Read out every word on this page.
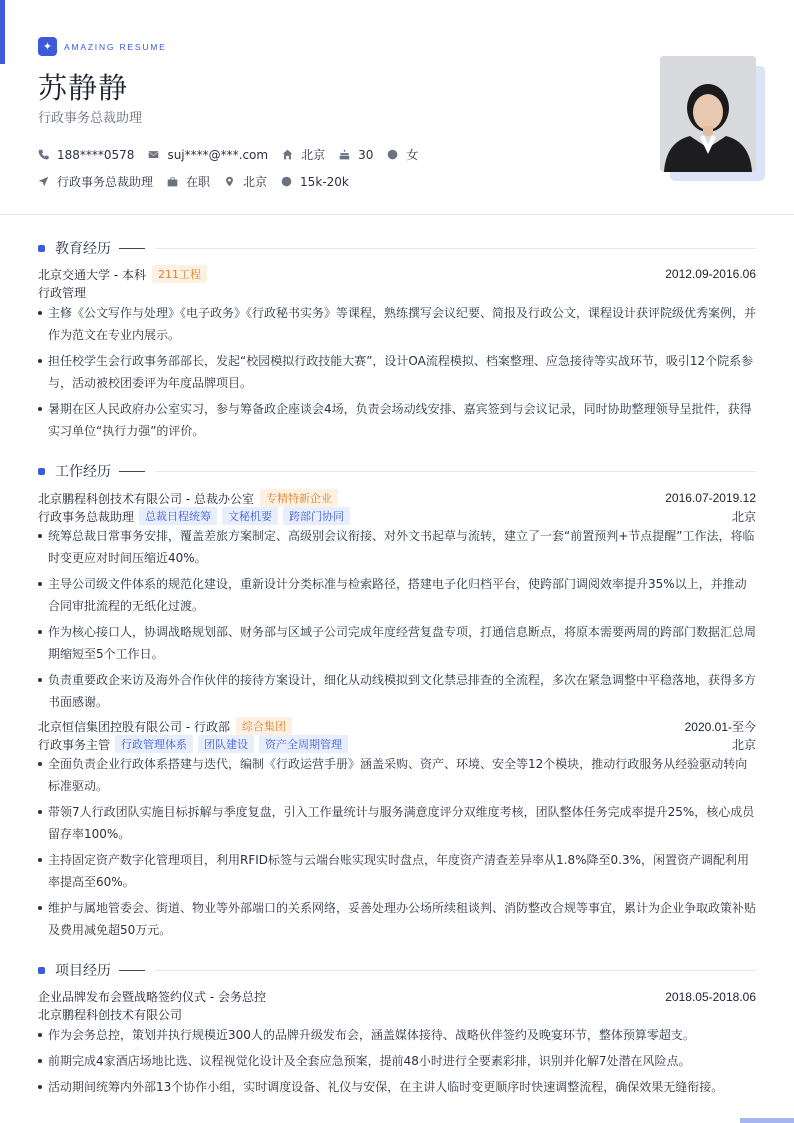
✦	AMAZING RESUME
苏静静
行政事务总裁助理
188****0578	suj****@***.com	北京	30	女
行政事务总裁助理	在职	北京	15k-20k
教育经历
北京交通大学 - 本科	211工程	2012.09-2016.06
行政管理
主修《公文写作与处理》《电子政务》《行政秘书实务》等课程，熟练撰写会议纪要、简报及行政公文，课程设计获评院级优秀案例，并作为范文在专业内展示。
担任校学生会行政事务部部长，发起“校园模拟行政技能大赛”，设计OA流程模拟、档案整理、应急接待等实战环节，吸引12个院系参与，活动被校团委评为年度品牌项目。
暑期在区人民政府办公室实习，参与筹备政企座谈会4场，负责会场动线安排、嘉宾签到与会议记录，同时协助整理领导呈批件，获得实习单位“执行力强”的评价。
工作经历
北京鹏程科创技术有限公司 - 总裁办公室	专精特新企业	2016.07-2019.12
行政事务总裁助理	总裁日程统筹	文秘机要	跨部门协同	北京
统筹总裁日常事务安排，覆盖差旅方案制定、高级别会议衔接、对外文书起草与流转，建立了一套“前置预判+节点提醒”工作法，将临时变更应对时间压缩近40%。
主导公司级文件体系的规范化建设，重新设计分类标准与检索路径，搭建电子化归档平台，使跨部门调阅效率提升35%以上，并推动合同审批流程的无纸化过渡。
作为核心接口人，协调战略规划部、财务部与区域子公司完成年度经营复盘专项，打通信息断点，将原本需要两周的跨部门数据汇总周期缩短至5个工作日。
负责重要政企来访及海外合作伙伴的接待方案设计，细化从动线模拟到文化禁忌排查的全流程，多次在紧急调整中平稳落地，获得多方书面感谢。
北京恒信集团控股有限公司 - 行政部	综合集团	2020.01-至今
行政事务主管	行政管理体系	团队建设	资产全周期管理	北京
全面负责企业行政体系搭建与迭代，编制《行政运营手册》涵盖采购、资产、环境、安全等12个模块，推动行政服务从经验驱动转向标准驱动。
带领7人行政团队实施目标拆解与季度复盘，引入工作量统计与服务满意度评分双维度考核，团队整体任务完成率提升25%，核心成员留存率100%。
主持固定资产数字化管理项目，利用RFID标签与云端台账实现实时盘点，年度资产清查差异率从1.8%降至0.3%，闲置资产调配利用率提高至60%。
维护与属地管委会、街道、物业等外部端口的关系网络，妥善处理办公场所续租谈判、消防整改合规等事宜，累计为企业争取政策补贴及费用减免超50万元。
项目经历
企业品牌发布会暨战略签约仪式 - 会务总控	2018.05-2018.06
北京鹏程科创技术有限公司
作为会务总控，策划并执行规模近300人的品牌升级发布会，涵盖媒体接待、战略伙伴签约及晚宴环节，整体预算零超支。
前期完成4家酒店场地比选、议程视觉化设计及全套应急预案，提前48小时进行全要素彩排，识别并化解7处潜在风险点。
活动期间统筹内外部13个协作小组，实时调度设备、礼仪与安保，在主讲人临时变更顺序时快速调整流程，确保效果无缝衔接。
